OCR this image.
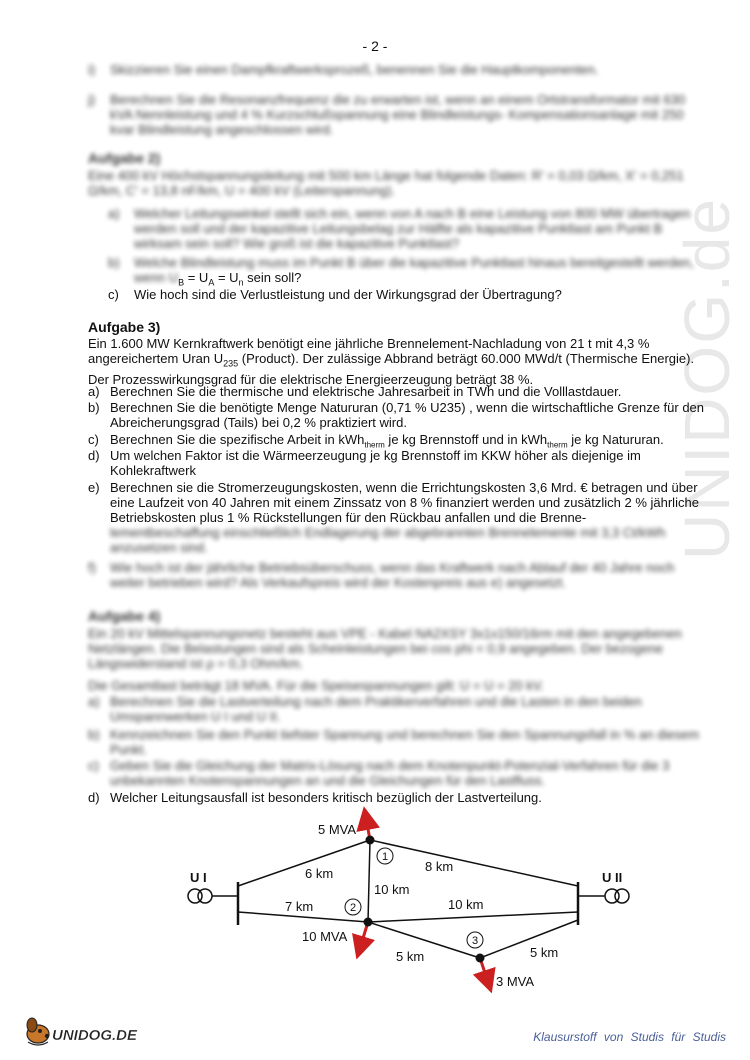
UNIDOG.de
- 2 -
i)	Skizzieren Sie einen Dampfkraftwerksprozeß, benennen Sie die Hauptkomponenten.
j)	Berechnen Sie die Resonanzfrequenz die zu erwarten ist, wenn an einem Ortstransformator mit 630 kVA Nennleistung und 4 % Kurzschlußspannung eine Blindleistungs- Kompensationsanlage mit 250 kvar Blindleistung angeschlossen wird.
Aufgabe 2)
Eine 400 kV Höchstspannungsleitung mit 500 km Länge hat folgende Daten: R' = 0,03 Ω/km, X' = 0,251 Ω/km, C' = 13,8 nF/km, U = 400 kV (Leiterspannung).
a)	Welcher Leitungswinkel stellt sich ein, wenn von A nach B eine Leistung von 800 MW übertragen werden soll und der kapazitive Leitungsbelag zur Hälfte als kapazitive Punktlast am Punkt B wirksam sein soll? Wie groß ist die kapazitive Punktlast?
b)	Welche Blindleistung muss im Punkt B über die kapazitive Punktlast hinaus bereitgestellt werden, wenn $U_B = U_A = U_n$ sein soll?
c)	Wie hoch sind die Verlustleistung und der Wirkungsgrad der Übertragung?
Aufgabe 3)
Ein 1.600 MW Kernkraftwerk benötigt eine jährliche Brennelement-Nachladung von 21 t mit 4,3 % angereichertem Uran $U_{235}$ (Product). Der zulässige Abbrand beträgt 60.000 MWd/t (Thermische Energie). Der Prozesswirkungsgrad für die elektrische Energieerzeugung beträgt 38 %.
a) Berechnen Sie die thermische und elektrische Jahresarbeit in TWh und die Volllastdauer.
b) Berechnen Sie die benötigte Menge Natururan (0,71 % U235) , wenn die wirtschaftliche Grenze für den Abreicherungsgrad (Tails) bei 0,2 % praktiziert wird.
c) Berechnen Sie die spezifische Arbeit in kWh$_{therm}$ je kg Brennstoff und in kWh$_{therm}$ je kg Natururan.
d) Um welchen Faktor ist die Wärmeerzeugung je kg Brennstoff im KKW höher als diejenige im Kohlekraftwerk
e) Berechnen sie die Stromerzeugungskosten, wenn die Errichtungskosten 3,6 Mrd. € betragen und über eine Laufzeit von 40 Jahren mit einem Zinssatz von 8 % finanziert werden und zusätzlich 2 % jährliche Betriebskosten plus 1 % Rückstellungen für den Rückbau anfallen und die Brenne- lementbeschaffung einschließlich Endlagerung der abgebrannten Brennelemente mit 3,3 Ct/kWh anzusetzen sind.
f)	Wie hoch ist der jährliche Betriebsüberschuss, wenn das Kraftwerk nach Ablauf der 40 Jahre noch weiter betrieben wird? Als Verkaufspreis wird der Kostenpreis aus e) angesetzt.
Aufgabe 4)
Ein 20 kV Mittelspannungsnetz besteht aus VPE - Kabel NA2XSY 3x1x150/16rm mit den angegebenen Netzlängen. Die Belastungen sind als Scheinleistungen bei cos phi = 0,9 angegeben. Der bezogene Längswiderstand ist ρ = 0,3 Ohm/km.
Die Gesamtlast beträgt 18 MVA. Für die Speisespannungen gilt: U = U = 20 kV.
a) Berechnen Sie die Lastverteilung nach dem Praktikerverfahren und die Lasten in den beiden Umspannwerken U I und U II.
b) Kennzeichnen Sie den Punkt tiefster Spannung und berechnen Sie den Spannungsfall in % an diesem Punkt.
c) Geben Sie die Gleichung der Matrix-Lösung nach dem Knotenpunkt-Potenzial-Verfahren für die 3 unbekannten Knotenspannungen an und die Gleichungen für den Lastfluss.
d) Welcher Leitungsausfall ist besonders kritisch bezüglich der Lastverteilung.
1
2
3
U I	U II
5 MVA
10 MVA
3 MVA
6 km
7 km
10 km
8 km
10 km
5 km	5 km
UNIDOG.DE	Klausurstoff von Studis für Studis
